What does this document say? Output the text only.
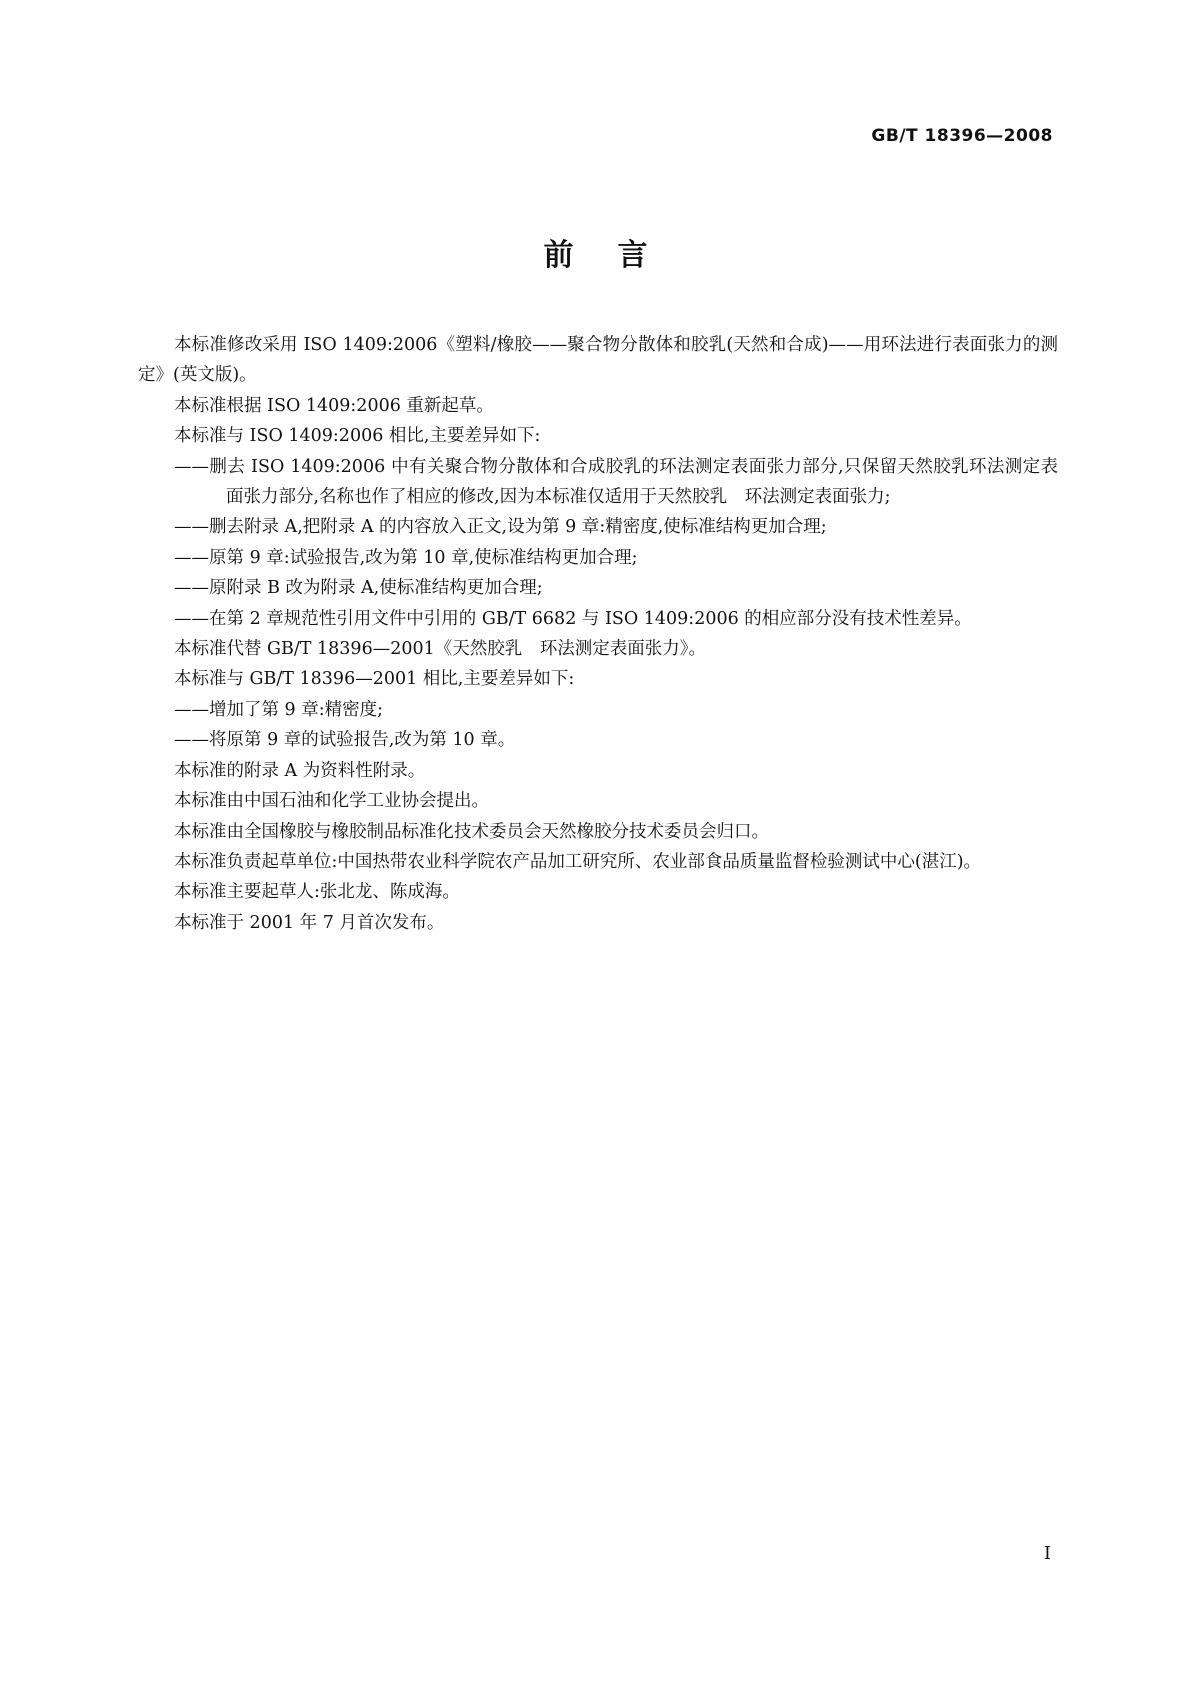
GB/T 18396—2008
前言

本标准修改采用 ISO 1409:2006《塑料/橡胶——聚合物分散体和胶乳(天然和合成)——用环法进行表面张力的测定》(英文版)。

本标准根据 ISO 1409:2006 重新起草。

本标准与 ISO 1409:2006 相比,主要差异如下:

——删去 ISO 1409:2006 中有关聚合物分散体和合成胶乳的环法测定表面张力部分,只保留天然胶乳环法测定表面张力部分,名称也作了相应的修改,因为本标准仅适用于天然胶乳　环法测定表面张力;

——删去附录 A,把附录 A 的内容放入正文,设为第 9 章:精密度,使标准结构更加合理;

——原第 9 章:试验报告,改为第 10 章,使标准结构更加合理;

——原附录 B 改为附录 A,使标准结构更加合理;

——在第 2 章规范性引用文件中引用的 GB/T 6682 与 ISO 1409:2006 的相应部分没有技术性差异。

本标准代替 GB/T 18396—2001《天然胶乳　环法测定表面张力》。

本标准与 GB/T 18396—2001 相比,主要差异如下:

——增加了第 9 章:精密度;

——将原第 9 章的试验报告,改为第 10 章。

本标准的附录 A 为资料性附录。

本标准由中国石油和化学工业协会提出。

本标准由全国橡胶与橡胶制品标准化技术委员会天然橡胶分技术委员会归口。

本标准负责起草单位:中国热带农业科学院农产品加工研究所、农业部食品质量监督检验测试中心(湛江)。

本标准主要起草人:张北龙、陈成海。

本标准于 2001 年 7 月首次发布。

I
